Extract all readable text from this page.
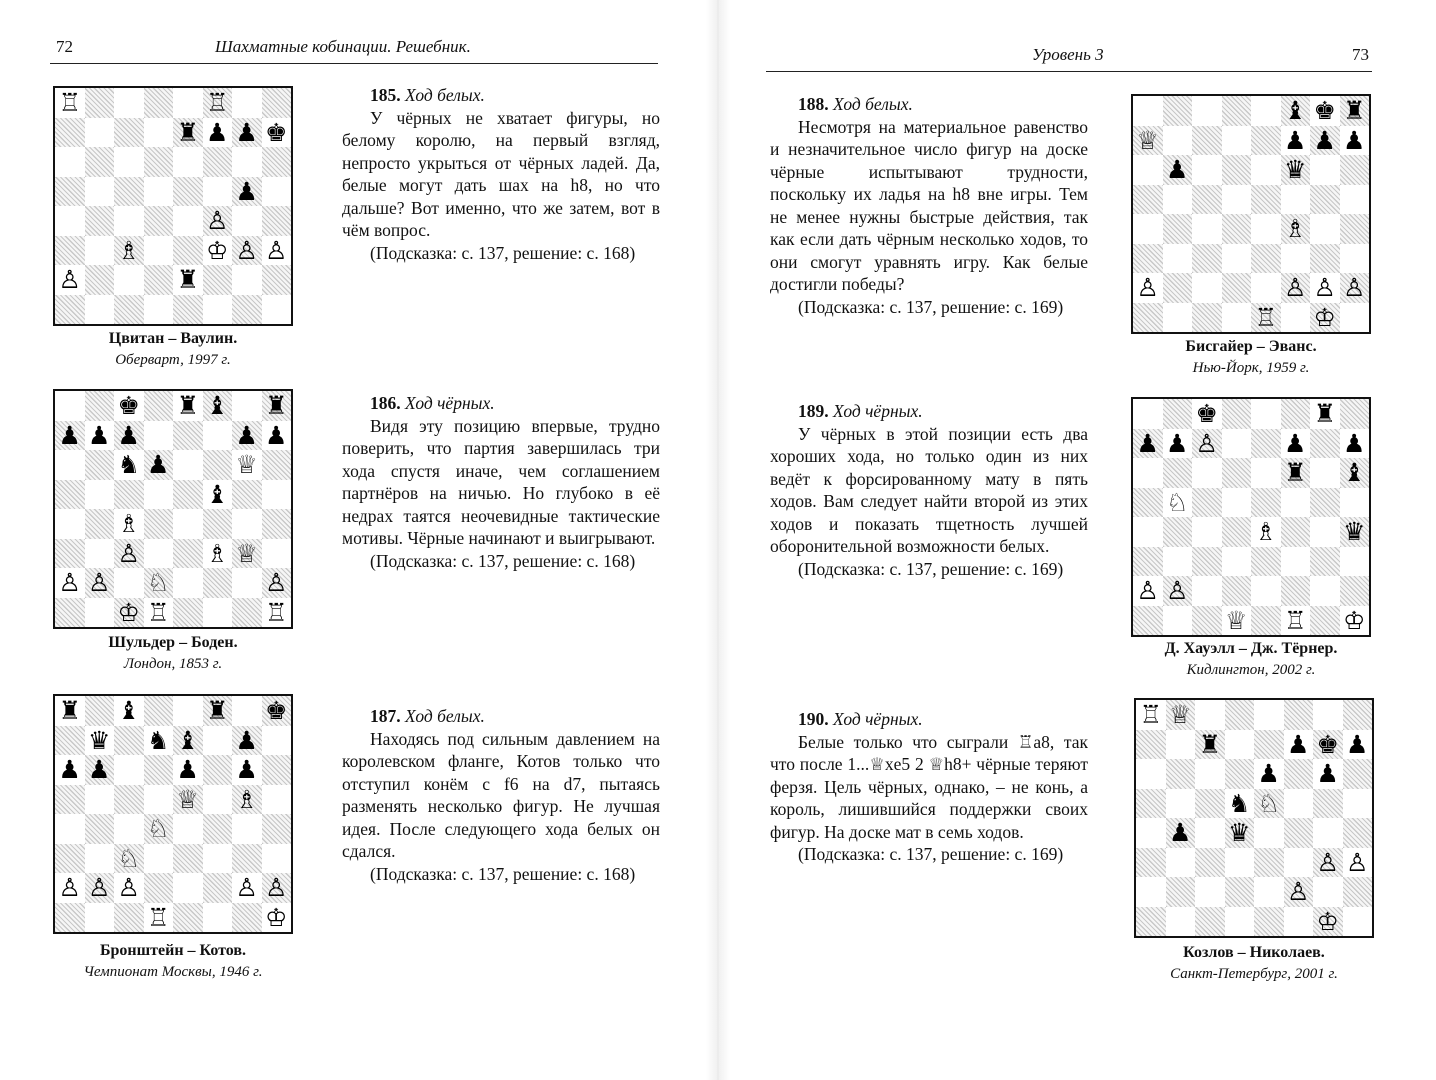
72	Шахматные кобинации. Решебник.
♖	♖
♜ ♟ ♟ ♚
♟
♙
♗	♔ ♙ ♙
♙	♜
Цвитан – Ваулин.
Оберварт, 1997 г.
185. Ход белых.

У чёрных не хватает фигуры, но белому королю, на первый взгляд, непросто укрыться от чёрных ладей. Да, белые могут дать шах на h8, но что дальше? Вот именно, что же затем, вот в чём вопрос.

(Подсказка: с. 137, решение: с. 168)
♚ ♜ ♝ ♜
♟ ♟ ♟	♟ ♟
♞ ♟	♕
♝
♗
♙	♗ ♕
♙ ♙ ♘	♙
♔ ♖	♖
Шульдер – Боден.
Лондон, 1853 г.
186. Ход чёрных.

Видя эту позицию впервые, трудно поверить, что партия завершилась три хода спустя иначе, чем соглашением партнёров на ничью. Но глубоко в её недрах таятся неочевидные тактические мотивы. Чёрные начинают и выигрывают.

(Подсказка: с. 137, решение: с. 168)
♜ ♝	♜ ♚
♛ ♞ ♝ ♟
♟ ♟	♟ ♟
♕ ♗
♘
♘
♙ ♙ ♙	♙ ♙
♖	♔
Бронштейн – Котов.
Чемпионат Москвы, 1946 г.
187. Ход белых.

Находясь под сильным давлением на королевском фланге, Котов только что отступил конём с f6 на d7, пытаясь разменять несколько фигур. Не лучшая идея. После следующего хода белых он сдался.

(Подсказка: с. 137, решение: с. 168)
Уровень 3	73
188. Ход белых.

Несмотря на материальное равенство и незначительное число фигур на доске чёрные испытывают трудности, поскольку их ладья на h8 вне игры. Тем не менее нужны быстрые действия, так как если дать чёрным несколько ходов, то они смогут уравнять игру. Как белые достигли победы?

(Подсказка: с. 137, решение: с. 169)
♝ ♚ ♜
♕	♟ ♟ ♟
♟	♛
♗
♙	♙ ♙ ♙
♖ ♔
Бисгайер – Эванс.
Нью-Йорк, 1959 г.
189. Ход чёрных.

У чёрных в этой позиции есть два хороших хода, но только один из них ведёт к форсированному мату в пять ходов. Вам следует найти второй из этих ходов и показать тщетность лучшей оборонительной возможности белых.

(Подсказка: с. 137, решение: с. 169)
♚	♜
♟ ♟ ♙	♟ ♟
♜ ♝
♘
♗	♛
♙ ♙
♕ ♖ ♔
Д. Хауэлл – Дж. Тёрнер.
Кидлингтон, 2002 г.
190. Ход чёрных.

Белые только что сыграли ♖a8, так что после 1...♕xe5 2 ♕h8+ чёрные теряют ферзя. Цель чёрных, однако, – не конь, а король, лишившийся поддержки своих фигур. На доске мат в семь ходов.

(Подсказка: с. 137, решение: с. 169)
♖ ♕
♜	♟ ♚ ♟
♟ ♟
♞ ♘
♟ ♛
♙ ♙
♙
♔
Козлов – Николаев.
Санкт-Петербург, 2001 г.
